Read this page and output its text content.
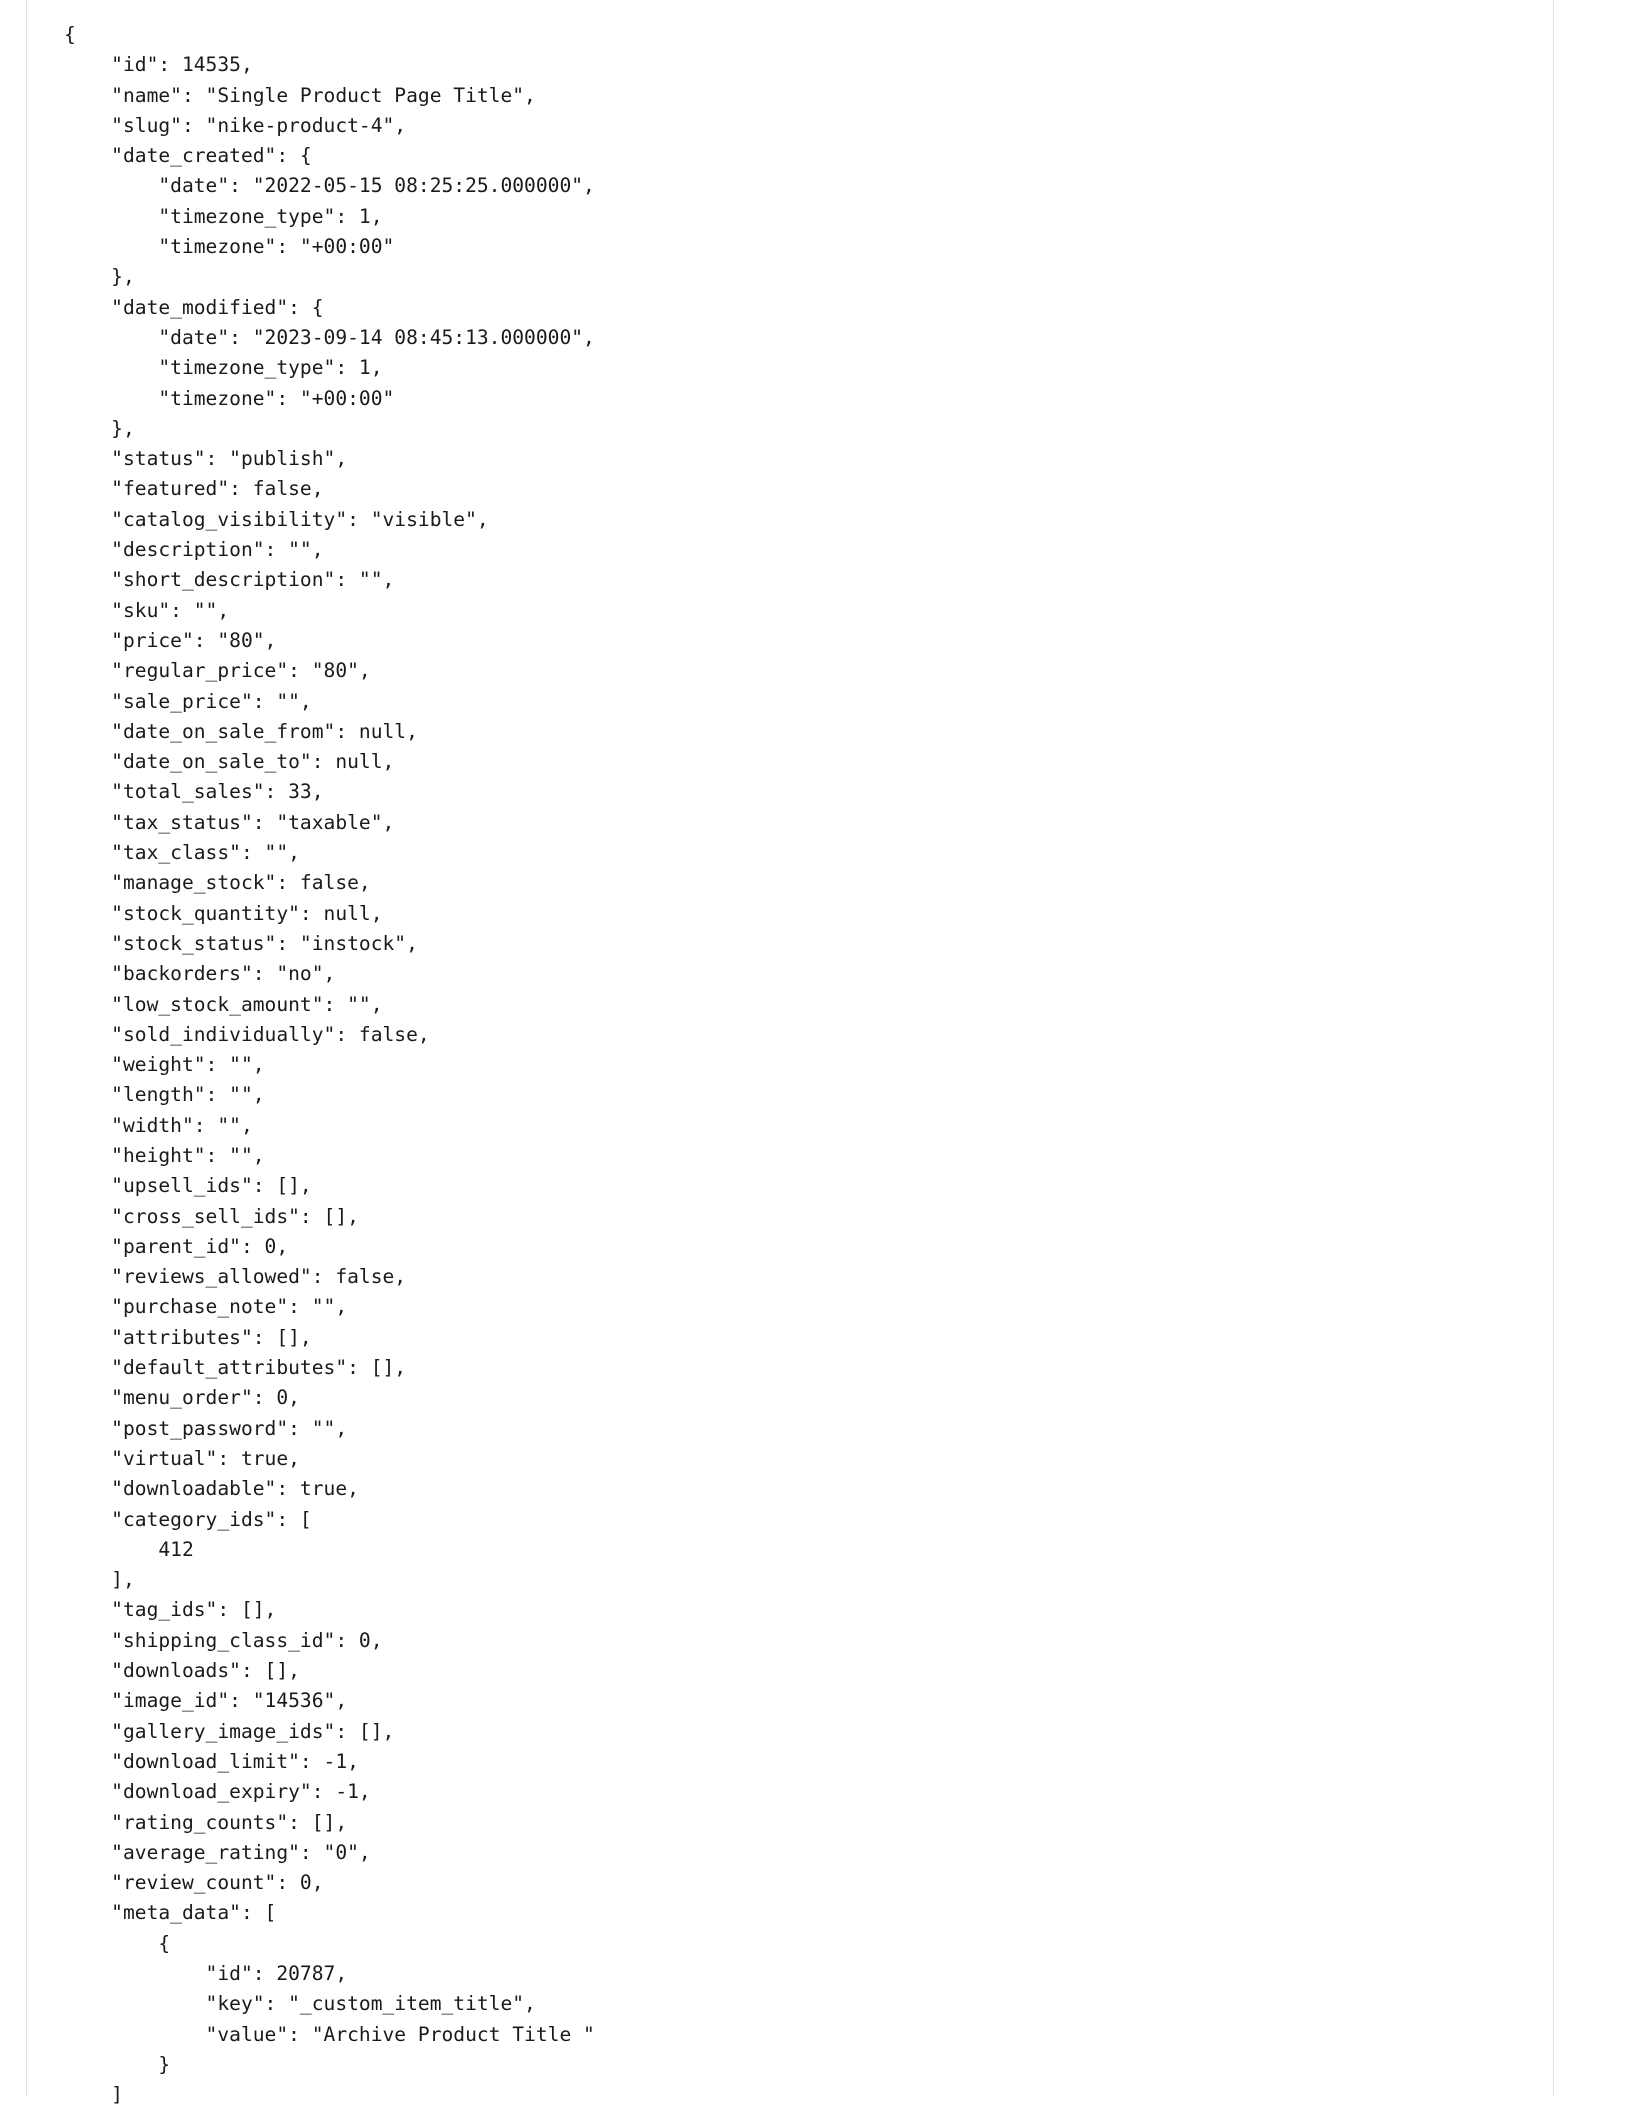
{
"id": 14535,
"name": "Single Product Page Title",
"slug": "nike-product-4",
"date_created": {
"date": "2022-05-15 08:25:25.000000",
"timezone_type": 1,
"timezone": "+00:00"
},
"date_modified": {
"date": "2023-09-14 08:45:13.000000",
"timezone_type": 1,
"timezone": "+00:00"
},
"status": "publish",
"featured": false,
"catalog_visibility": "visible",
"description": "",
"short_description": "",
"sku": "",
"price": "80",
"regular_price": "80",
"sale_price": "",
"date_on_sale_from": null,
"date_on_sale_to": null,
"total_sales": 33,
"tax_status": "taxable",
"tax_class": "",
"manage_stock": false,
"stock_quantity": null,
"stock_status": "instock",
"backorders": "no",
"low_stock_amount": "",
"sold_individually": false,
"weight": "",
"length": "",
"width": "",
"height": "",
"upsell_ids": [],
"cross_sell_ids": [],
"parent_id": 0,
"reviews_allowed": false,
"purchase_note": "",
"attributes": [],
"default_attributes": [],
"menu_order": 0,
"post_password": "",
"virtual": true,
"downloadable": true,
"category_ids": [
412
],
"tag_ids": [],
"shipping_class_id": 0,
"downloads": [],
"image_id": "14536",
"gallery_image_ids": [],
"download_limit": -1,
"download_expiry": -1,
"rating_counts": [],
"average_rating": "0",
"review_count": 0,
"meta_data": [
{
"id": 20787,
"key": "_custom_item_title",
"value": "Archive Product Title "
}
]
